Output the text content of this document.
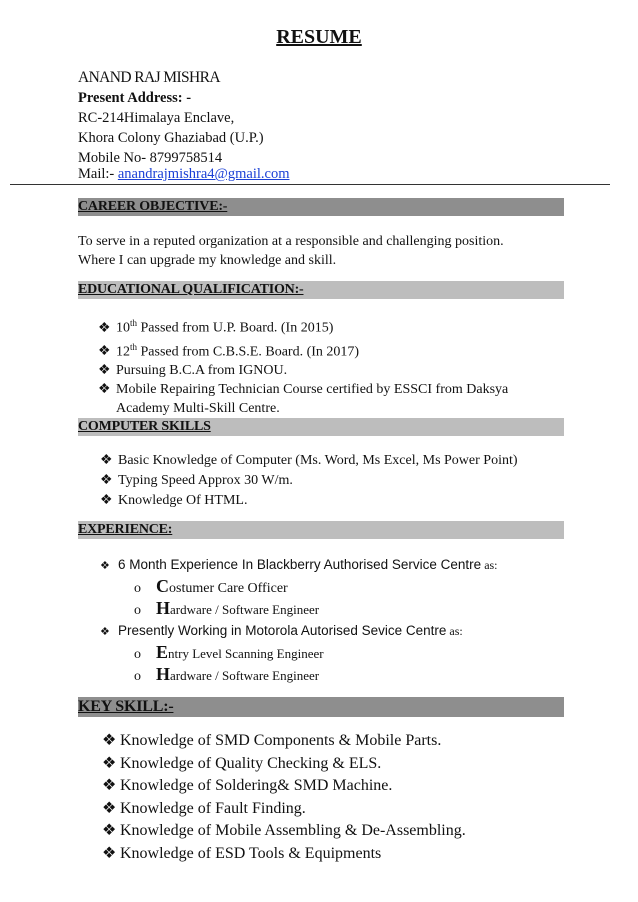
RESUME
ANAND RAJ MISHRA
Present Address: -
RC-214Himalaya Enclave,
Khora Colony Ghaziabad (U.P.)
Mobile No- 8799758514
Mail:- anandrajmishra4@gmail.com
CAREER OBJECTIVE:-
To serve in a reputed organization at a responsible and challenging position.
Where I can upgrade my knowledge and skill.
EDUCATIONAL QUALIFICATION:-
❖ 10th Passed from U.P. Board. (In 2015)
❖ 12th Passed from C.B.S.E. Board. (In 2017)
❖ Pursuing B.C.A from IGNOU.
❖ Mobile Repairing Technician Course certified by ESSCI from Daksya
Academy Multi-Skill Centre.
COMPUTER SKILLS
❖ Basic Knowledge of Computer (Ms. Word, Ms Excel, Ms Power Point)
❖ Typing Speed Approx 30 W/m.
❖ Knowledge Of HTML.
EXPERIENCE:
❖ 6 Month Experience In Blackberry Authorised Service Centre as:
o Costumer Care Officer
o Hardware / Software Engineer
❖ Presently Working in Motorola Autorised Sevice Centre as:
o Entry Level Scanning Engineer
o Hardware / Software Engineer
KEY SKILL:-
❖ Knowledge of SMD Components & Mobile Parts.
❖ Knowledge of Quality Checking & ELS.
❖ Knowledge of Soldering& SMD Machine.
❖ Knowledge of Fault Finding.
❖ Knowledge of Mobile Assembling & De-Assembling.
❖ Knowledge of ESD Tools & Equipments
